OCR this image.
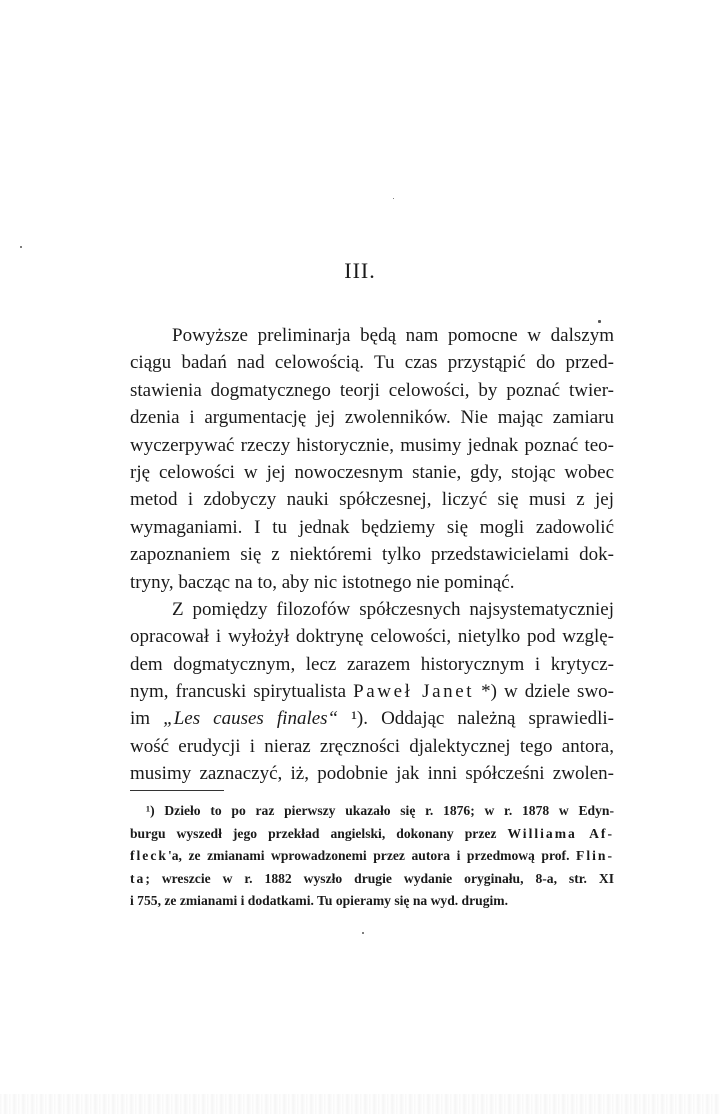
III.
Powyższe preliminarja będą nam pomocne w dalszym
ciągu badań nad celowością. Tu czas przystąpić do przed-
stawienia dogmatycznego teorji celowości, by poznać twier-
dzenia i argumentację jej zwolenników. Nie mając zamiaru
wyczerpywać rzeczy historycznie, musimy jednak poznać teo-
rję celowości w jej nowoczesnym stanie, gdy, stojąc wobec
metod i zdobyczy nauki spółczesnej, liczyć się musi z jej
wymaganiami. I tu jednak będziemy się mogli zadowolić
zapoznaniem się z niektóremi tylko przedstawicielami dok-
tryny, bacząc na to, aby nic istotnego nie pominąć.
Z pomiędzy filozofów spółczesnych najsystematyczniej
opracował i wyłożył doktrynę celowości, nietylko pod wzglę-
dem dogmatycznym, lecz zarazem historycznym i krytycz-
nym, francuski spirytualista Paweł Janet *) w dziele swo-
im „Les causes finales“ ¹). Oddając należną sprawiedli-
wość erudycji i nieraz zręczności djalektycznej tego antora,
musimy zaznaczyć, iż, podobnie jak inni spółcześni zwolen-
¹) Dzieło to po raz pierwszy ukazało się r. 1876; w r. 1878 w Edyn-
burgu wyszedł jego przekład angielski, dokonany przez Williama Af-
fleck'a, ze zmianami wprowadzonemi przez autora i przedmową prof. Flin-
ta; wreszcie w r. 1882 wyszło drugie wydanie oryginału, 8-a, str. XI
i 755, ze zmianami i dodatkami. Tu opieramy się na wyd. drugim.
